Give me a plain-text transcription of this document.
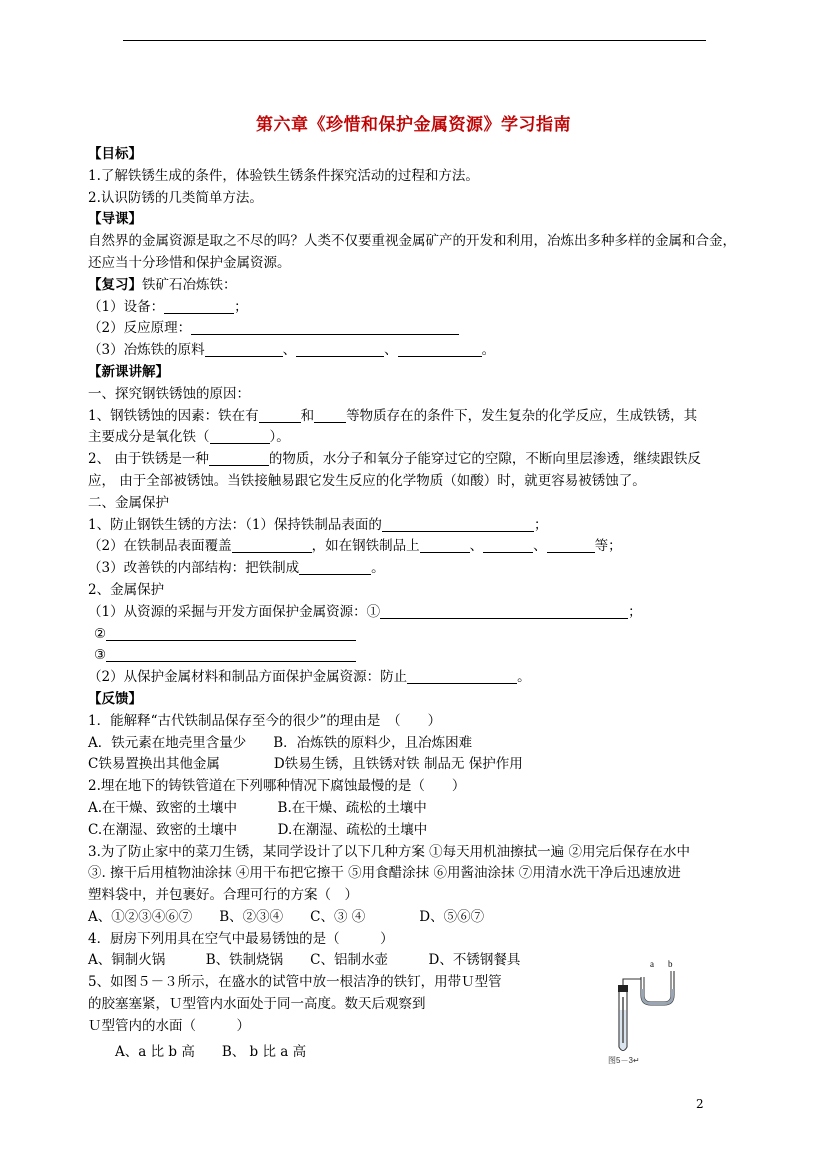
第六章《珍惜和保护金属资源》学习指南
【目标】
1.了解铁锈生成的条件，体验铁生锈条件探究活动的过程和方法。
2.认识防锈的几类简单方法。
【导课】
自然界的金属资源是取之不尽的吗？人类不仅要重视金属矿产的开发和利用，冶炼出多种多样的金属和合金，还应当十分珍惜和保护金属资源。
【复习】铁矿石冶炼铁：
（1）设备：	；
（2）反应原理：
（3）冶炼铁的原料	、	、	。
【新课讲解】
一、探究钢铁锈蚀的原因：
1、钢铁锈蚀的因素：铁在有	和 等物质存在的条件下，发生复杂的化学反应，生成铁锈，其
主要成分是氧化铁（	）。
2、 由于铁锈是一种	的物质，水分子和氧分子能穿过它的空隙，不断向里层渗透，继续跟铁反
应， 由于全部被锈蚀。当铁接触易跟它发生反应的化学物质（如酸）时，就更容易被锈蚀了。
二、金属保护
1、防止钢铁生锈的方法：（1）保持铁制品表面的	；
（2）在铁制品表面覆盖	，如在钢铁制品上	、	、	等；
（3）改善铁的内部结构：把铁制成	。
2、金属保护
（1）从资源的采掘与开发方面保护金属资源：①	；
②
③
（2）从保护金属材料和制品方面保护金属资源：防止	。
【反馈】
1．能解释“古代铁制品保存至今的很少”的理由是　（　　）
A．铁元素在地壳里含量少　　B．冶炼铁的原料少，且冶炼困难
C铁易置换出其他金属　　　　D铁易生锈，且铁锈对铁 制品无 保护作用
2.埋在地下的铸铁管道在下列哪种情况下腐蚀最慢的是（　　）
A.在干燥、致密的土壤中　　　B.在干燥、疏松的土壤中
C.在潮湿、致密的土壤中　　　D.在潮湿、疏松的土壤中
3.为了防止家中的菜刀生锈，某同学设计了以下几种方案 ①每天用机油擦拭一遍 ②用完后保存在水中
③. 擦干后用植物油涂抹 ④用干布把它擦干 ⑤用食醋涂抹 ⑥用酱油涂抹 ⑦用清水洗干净后迅速放进
塑料袋中，并包裹好。合理可行的方案（　）
A、①②③④⑥⑦　　B、②③④　　C、③ ④　　　　D、⑤⑥⑦
4．厨房下列用具在空气中最易锈蚀的是（　　　）
A、铜制火锅　　　B、铁制烧锅　　C、铝制水壶　　　D、不锈钢餐具
5、如图５－３所示，在盛水的试管中放一根洁净的铁钉，用带Ｕ型管
的胶塞塞紧，Ｕ型管内水面处于同一高度。数天后观察到
Ｕ型管内的水面（　　　）
　　A、a 比 b 高　　B、 b 比 a 高
a b
图5－3↵
2
